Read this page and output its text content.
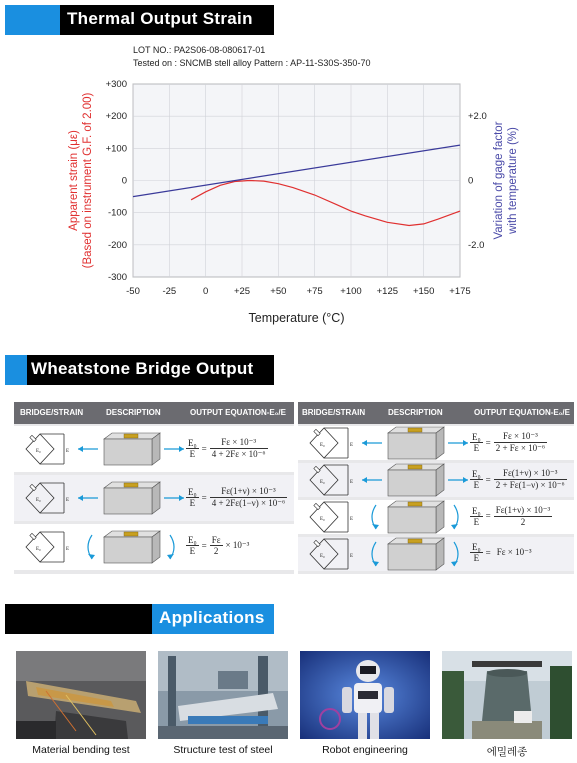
Thermal Output Strain
LOT NO.: PA2S06-08-080617-01
Tested on : SNCMB stell alloy Pattern : AP-11-S30S-350-70
-50 -25	0	+25 +50 +75 +100 +125 +150 +175
+300
+200
+100
0
-100
-200
-300
+2.0
0
-2.0
Temperature (°C)
Apparent strain (με) (Based on instrument G.F. of 2.00)	Variation of gage factor with temperature (%)
Wheatstone Bridge Output
BRIDGE/STRAIN	DESCRIPTION	OUTPUT EQUATION-E₀/E
E₀	E	$\frac{\text{E₀}}{E} = \frac{\text{Fε × 10⁻³}}{\text{4 + 2Fε × 10⁻⁶}}$
E₀	E	$\frac{\text{E₀}}{E} = \frac{\text{Fε(1+ν) × 10⁻³}}{\text{4 + 2Fε(1−ν) × 10⁻⁶}}$
E₀	E	$\frac{\text{E₀}}{E} = \frac{F\varepsilon}{2} \times 10^{-3}$
BRIDGE/STRAIN	DESCRIPTION	OUTPUT EQUATION-E₀/E
E₀	E	$\frac{\text{E₀}}{E} = \frac{\text{Fε × 10⁻³}}{\text{2 + Fε × 10⁻⁶}}$
E₀	E	$\frac{\text{E₀}}{E} = \frac{\text{Fε(1+ν) × 10⁻³}}{\text{2 + Fε(1−ν) × 10⁻⁶}}$
E₀	E	$\frac{\text{E₀}}{E} = \frac{\text{Fε(1+ν) × 10⁻³}}{2}$
E₀	E	$\frac{\text{E₀}}{E} = F\varepsilon \times 10^{-3}$
Applications
Material bending test	Structure test of steel	Robot engineering	에밀레종
